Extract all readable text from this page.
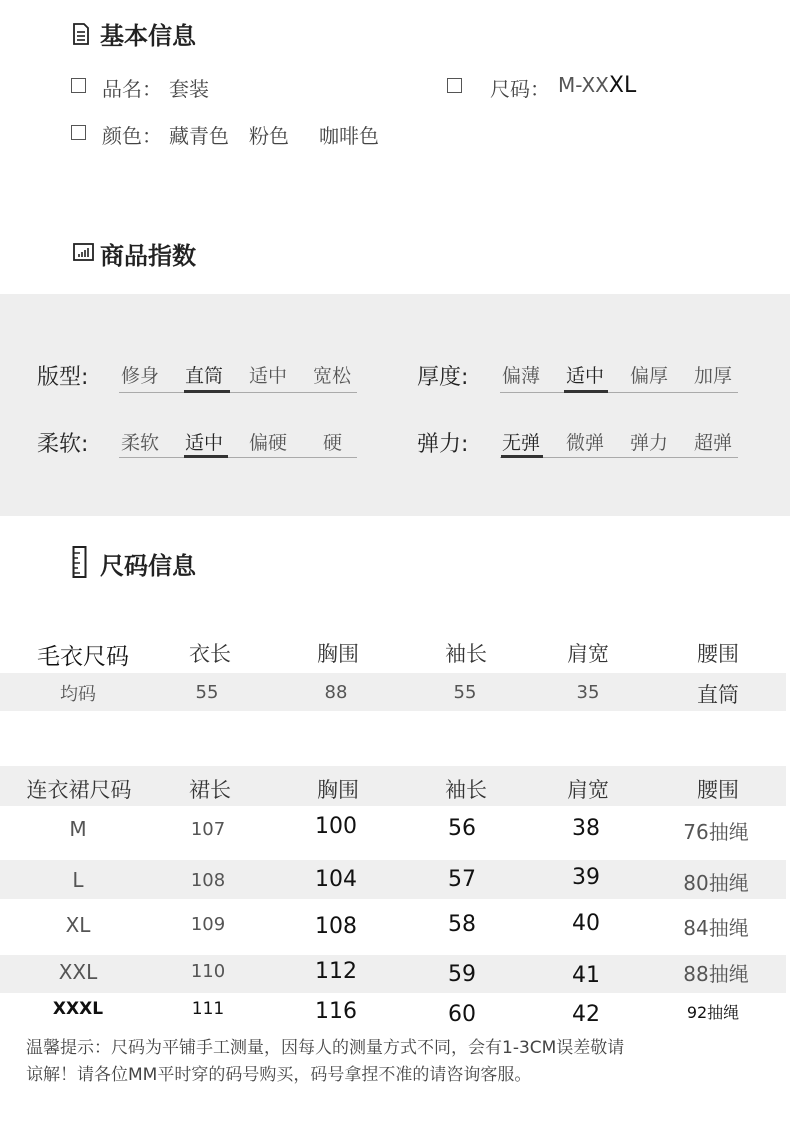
基本信息
品名： 套装	尺码： M-XXXL
颜色： 藏青色 粉色 咖啡色
商品指数
版型: 修身 直筒 适中 宽松	厚度: 偏薄 适中 偏厚 加厚
柔软: 柔软 适中 偏硬 硬	弹力: 无弹 微弹 弹力 超弹
尺码信息
毛衣尺码	衣长	胸围	袖长	肩宽	腰围
均码	55	88	55	35	直筒
连衣裙尺码	裙长	胸围	袖长	肩宽	腰围
M	107	100	56	38	76抽绳
L	108	104	57	39	80抽绳
XL	109	108	58	40	84抽绳
XXL	110	112	59	41	88抽绳
XXXL	111	116	60	42	92抽绳
温馨提示：尺码为平铺手工测量，因每人的测量方式不同，会有1-3CM误差敬请
谅解！请各位MM平时穿的码号购买，码号拿捏不准的请咨询客服。
